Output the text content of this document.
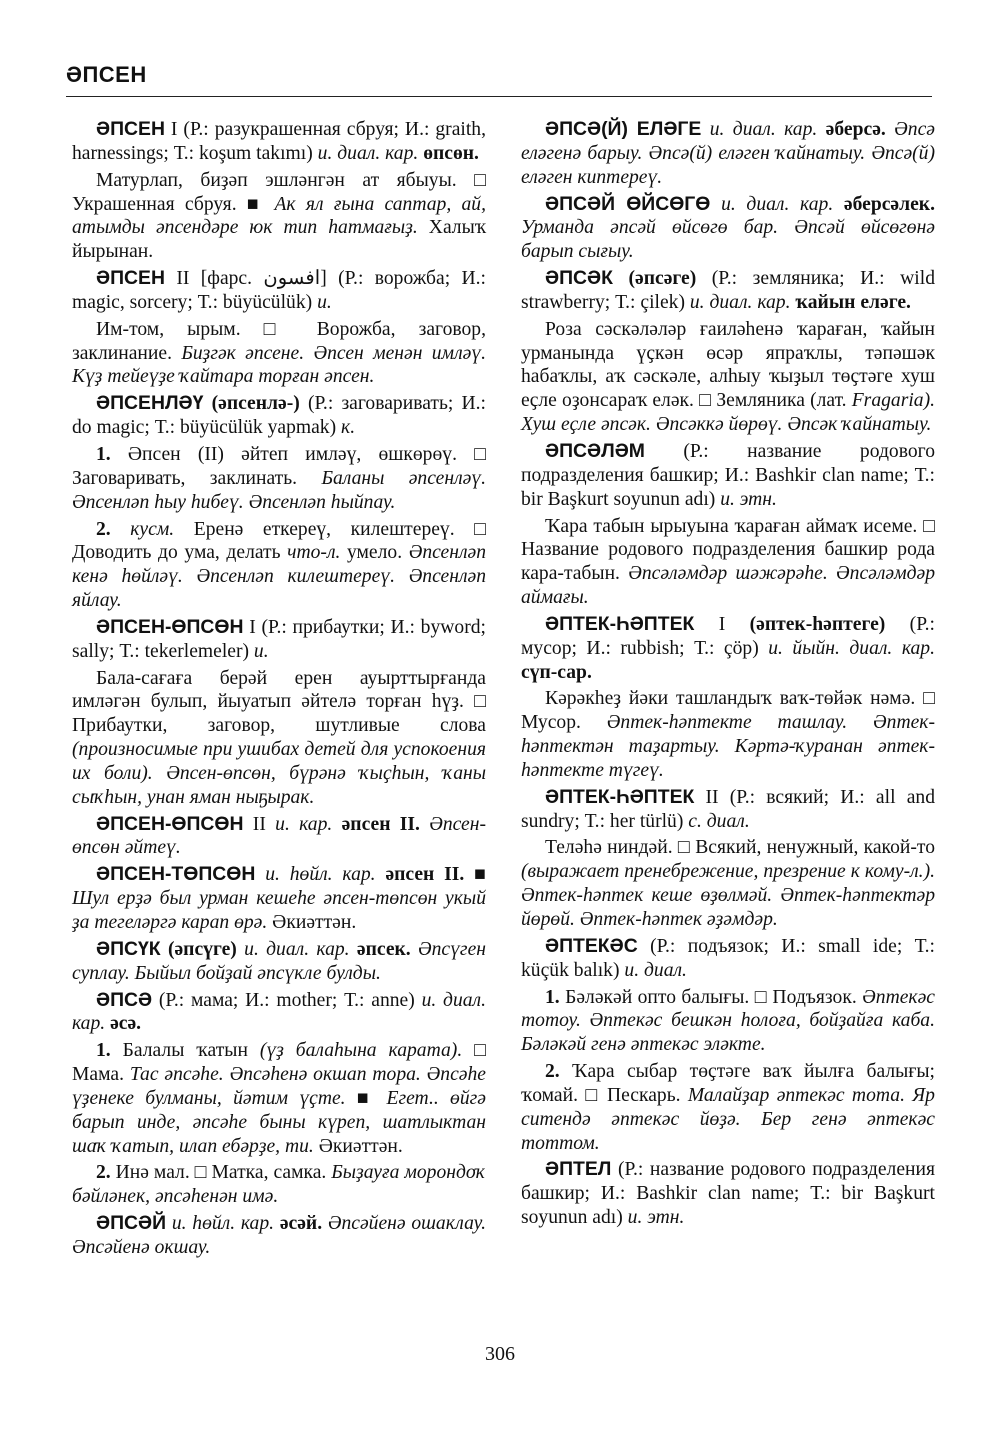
ӘПСЕН

ӘПСЕН I (Р.: разукрашенная сбруя; И.: graith, harnessings; Т.: koşum takımı) и. диал. кар. өпсөн.

Матурлап, биҙәп эшләнгән ат ябыуы. □ Украшенная сбруя. ■ Ак ял ғына саптар, ай, атымды әпсендәре юк тип һатмағыҙ. Халыҡ йырынан.

ӘПСЕН II [фарс. افسون] (Р.: ворожба; И.: magic, sorcery; Т.: büyücülük) и.

Им-том, ырым. □ Ворожба, заговор, заклинание. Биҙгәк әпсене. Әпсен менән имләү. Күҙ тейеүҙе ҡайтара торған әпсен.

ӘПСЕНЛӘҮ (әпсенлә-) (Р.: заговаривать; И.: do magic; Т.: büyücülük yapmak) к.

1. Әпсен (II) әйтеп имләү, өшкөрөү. □ Заговаривать, заклинать. Баланы әпсенләү. Әпсенләп һыу һибеү. Әпсенләп һыйпау.

2. кусм. Еренә еткереү, килештереү. □ Доводить до ума, делать что-л. умело. Әпсенләп кенә һөйләү. Әпсенләп килештереү. Әпсенләп яйлау.

ӘПСЕН-ӨПСӨН I (Р.: прибаутки; И.: byword; sally; Т.: tekerlemeler) и.

Бала-сағаға берәй ерен ауырттырғанда имләгән булып, йыуатып әйтелә торған һүҙ. □ Прибаутки, заговор, шутливые слова (произносимые при ушибах детей для успокоения их боли). Әпсен-өпсөн, бүрәнә ҡыҫһын, ҡаны сыҡһын, унан яман ныҕырак.

ӘПСЕН-ӨПСӨН II и. кар. әпсен II. Әпсен-өпсөн әйтеү.

ӘПСЕН-ТӨПСӨН и. һөйл. кар. әпсен II. ■ Шул ерҙә был урман кешеһе әпсен-төпсөн укый ҙа тегеләргә карап өрә. Әкиәттән.

ӘПСҮК (әпсүге) и. диал. кар. әпсек. Әпсүген суплау. Быйыл бойҙай әпсүкле булды.

ӘПСӘ (Р.: мама; И.: mother; Т.: anne) и. диал. кар. әсә.

1. Балалы ҡатын (үҙ балаһына карата). □ Мама. Тас әпсәһе. Әпсәһенә окшап тора. Әпсәһе үҙенеке булманы, йәтим үҫте. ■ Егет.. өйгә барып инде, әпсәһе быны күреп, шатлыктан шаҡ ҡатып, илап ебәрҙе, ти. Әкиәттән.

2. Инә мал. □ Матка, самка. Быҙауға морондоҡ бәйләнек, әпсәһенән имә.

ӘПСӘЙ и. һөйл. кар. әсәй. Әпсәйенә ошаклау. Әпсәйенә окшау.

ӘПСӘ(Й) ЕЛӘГЕ и. диал. кар. әберсә. Әпсә еләгенә барыу. Әпсә(й) еләген ҡайнатыу. Әпсә(й) еләген киптереү.

ӘПСӘЙ ӨЙСӨГӨ и. диал. кар. әберсәлек. Урманда әпсәй өйсөгө бар. Әпсәй өйсөгөнә барып сығыу.

ӘПСӘК (әпсәге) (Р.: земляника; И.: wild strawberry; Т.: çilek) и. диал. кар. ҡайын еләге.

Роза сәскәләләр ғаиләһенә ҡараған, ҡайын урманында үҫкән өсәр япраҡлы, тәпәшәк һабаҡлы, аҡ сәскәле, алһыу ҡыҙыл төҫтәге хуш еҫле оҙонсараҡ еләк. □ Земляника (лат. Fragaria). Хуш еҫле әпсәк. Әпсәккә йөрөү. Әпсәк ҡайнатыу.

ӘПСӘЛӘМ (Р.: название родового подразделения башкир; И.: Bashkir clan name; Т.: bir Başkurt soyunun adı) и. этн.

Ҡара табын ырыуына ҡараған аймаҡ исеме. □ Название родового подразделения башкир рода кара-табын. Әпсәләмдәр шәжәрәһе. Әпсәләмдәр аймағы.

ӘПТЕК-ҺӘПТЕК I (әптек-һәптеге) (Р.: мусор; И.: rubbish; Т.: çöp) и. йыйн. диал. кар. сүп-сар.

Кәрәкһеҙ йәки ташландыҡ ваҡ-төйәк нәмә. □ Мусор. Әптек-һәптекте ташлау. Әптек-һәптектән таҙартыу. Кәртә-ҡуранан әптек-һәптекте түгеү.

ӘПТЕК-ҺӘПТЕК II (Р.: всякий; И.: all and sundry; Т.: her türlü) с. диал.

Теләһә ниндәй. □ Всякий, ненужный, какой-то (выражает пренебрежение, презрение к кому-л.). Әптек-һәптек кеше өҙөлмәй. Әптек-һәптектәр йөрөй. Әптек-һәптек әҙәмдәр.

ӘПТЕКӘС (Р.: подъязок; И.: small ide; Т.: küçük balık) и. диал.

1. Бәләкәй опто балығы. □ Подъязок. Әптекәс тотоу. Әптекәс бешкән һолоға, бойҙайға каба. Бәләкәй генә әптекәс эләкте.

2. Ҡара сыбар төҫтәге ваҡ йылға балығы; ҡомай. □ Пескарь. Малайҙар әптекәс тота. Яр ситендә әптекәс йөҙә. Бер генә әптекәс тоттом.

ӘПТЕЛ (Р.: название родового подразделения башкир; И.: Bashkir clan name; Т.: bir Başkurt soyunun adı) и. этн.

306
